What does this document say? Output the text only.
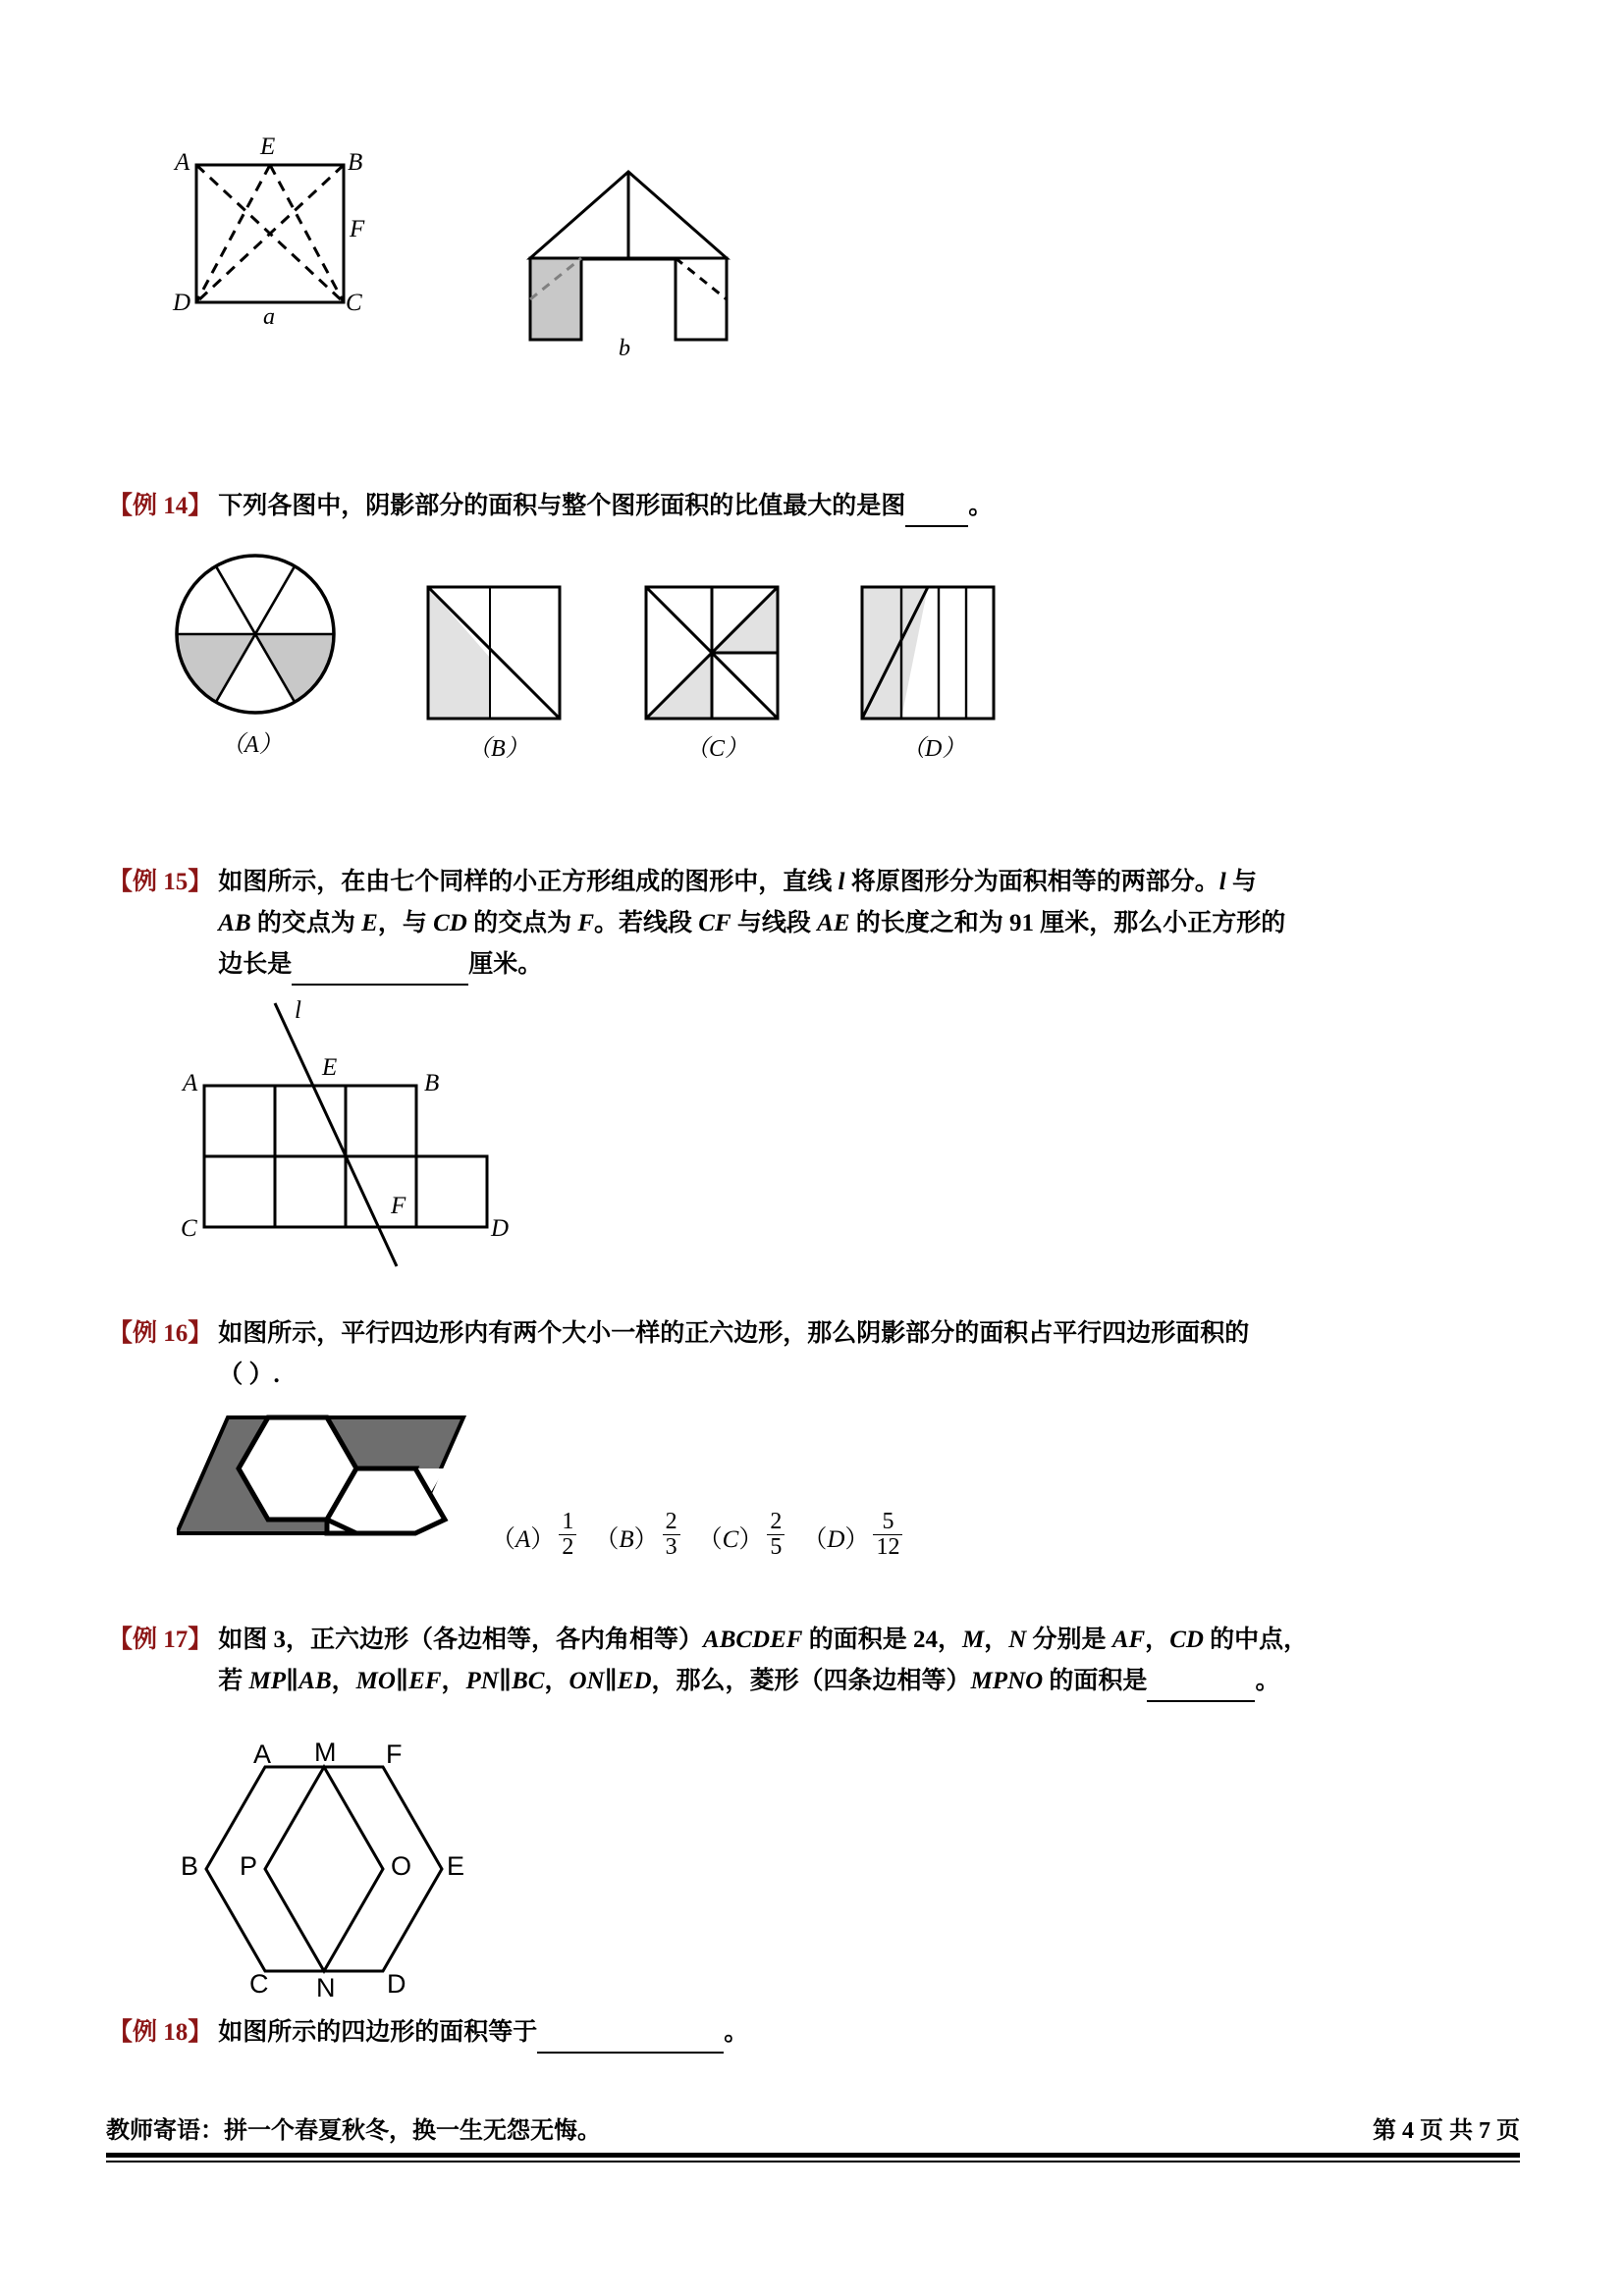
A
E
B
F
D	C
a
b
【例 14】 下列各图中，阴影部分的面积与整个图形面积的比值最大的是图	。
（A）	（B）	（C）	（D）
【例 15】 如图所示，在由七个同样的小正方形组成的图形中，直线 l 将原图形分为面积相等的两部分。l 与
AB 的交点为 E，与 CD 的交点为 F。若线段 CF 与线段 AE 的长度之和为 91 厘米，那么小正方形的
边长是	厘米。
l
A
E
B
C
F
D
【例 16】 如图所示，平行四边形内有两个大小一样的正六边形，那么阴影部分的面积占平行四边形面积的
（ ）.
$(A) \frac{1}{2} (B) \frac{2}{3} (C) \frac{2}{5} (D) \frac{5}{12}$
【例 17】 如图 3，正六边形（各边相等，各内角相等）ABCDEF 的面积是 24，M，N 分别是 AF，CD 的中点，
若 MP∥AB，MO∥EF，PN∥BC，ON∥ED，那么，菱形（四条边相等）MPNO 的面积是	。
A M F
B P	O E
C N D
【例 18】 如图所示的四边形的面积等于	。
教师寄语：拼一个春夏秋冬，换一生无怨无悔。	第 4 页 共 7 页
